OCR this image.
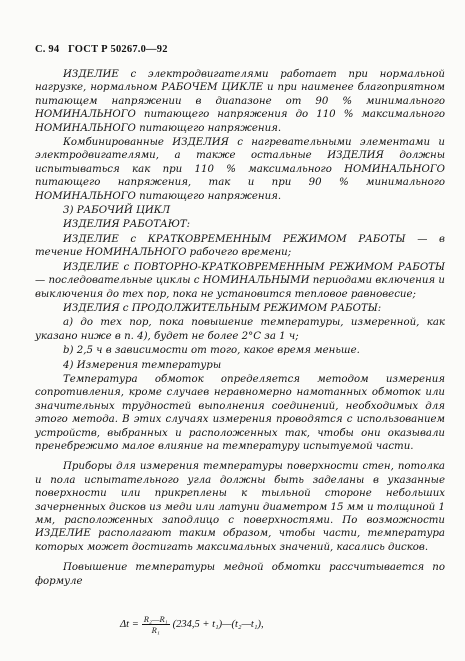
С. 94 ГОСТ Р 50267.0—92

ИЗДЕЛИЕ с электродвигателями работает при нормальной нагрузке, нормальном РАБОЧЕМ ЦИКЛЕ и при наименее благоприятном питающем напряжении в диапазоне от 90 % минимального НОМИНАЛЬНОГО питающего напряжения до 110 % максимального НОМИНАЛЬНОГО питающего напряжения.

Комбинированные ИЗДЕЛИЯ с нагревательными элементами и электродвигателями, а также остальные ИЗДЕЛИЯ должны испытываться как при 110 % максимального НОМИНАЛЬНОГО питающего напряжения, так и при 90 % минимального НОМИНАЛЬНОГО питающего напряжения.

3) РАБОЧИЙ ЦИКЛ

ИЗДЕЛИЯ РАБОТАЮТ:

ИЗДЕЛИЕ с КРАТКОВРЕМЕННЫМ РЕЖИМОМ РАБОТЫ — в течение НОМИНАЛЬНОГО рабочего времени;

ИЗДЕЛИЕ с ПОВТОРНО-КРАТКОВРЕМЕННЫМ РЕЖИМОМ РАБОТЫ — последовательные циклы с НОМИНАЛЬНЫМИ периодами включения и выключения до тех пор, пока не установится тепловое равновесие;

ИЗДЕЛИЯ с ПРОДОЛЖИТЕЛЬНЫМ РЕЖИМОМ РАБОТЫ:

а) до тех пор, пока повышение температуры, измеренной, как указано ниже в п. 4), будет не более 2°С за 1 ч;

b) 2,5 ч в зависимости от того, какое время меньше.

4) Измерения температуры

Температура обмоток определяется методом измерения сопротивления, кроме случаев неравномерно намотанных обмоток или значительных трудностей выполнения соединений, необходимых для этого метода. В этих случаях измерения проводятся с использованием устройств, выбранных и расположенных так, чтобы они оказывали пренебрежимо малое влияние на температуру испытуемой части.

Приборы для измерения температуры поверхности стен, потолка и пола испытательного угла должны быть заделаны в указанные поверхности или прикреплены к тыльной стороне небольших зачерненных дисков из меди или латуни диаметром 15 мм и толщиной 1 мм, расположенных заподлицо с поверхностями. По возможности ИЗДЕЛИЕ располагают таким образом, чтобы части, температура которых может достигать максимальных значений, касались дисков.

Повышение температуры медной обмотки рассчитывается по формуле

$\Delta t = \frac{\text{R₂—R₁}}{\text{R₁}} (234,5$ + t₁)—(t₂—t₁),
